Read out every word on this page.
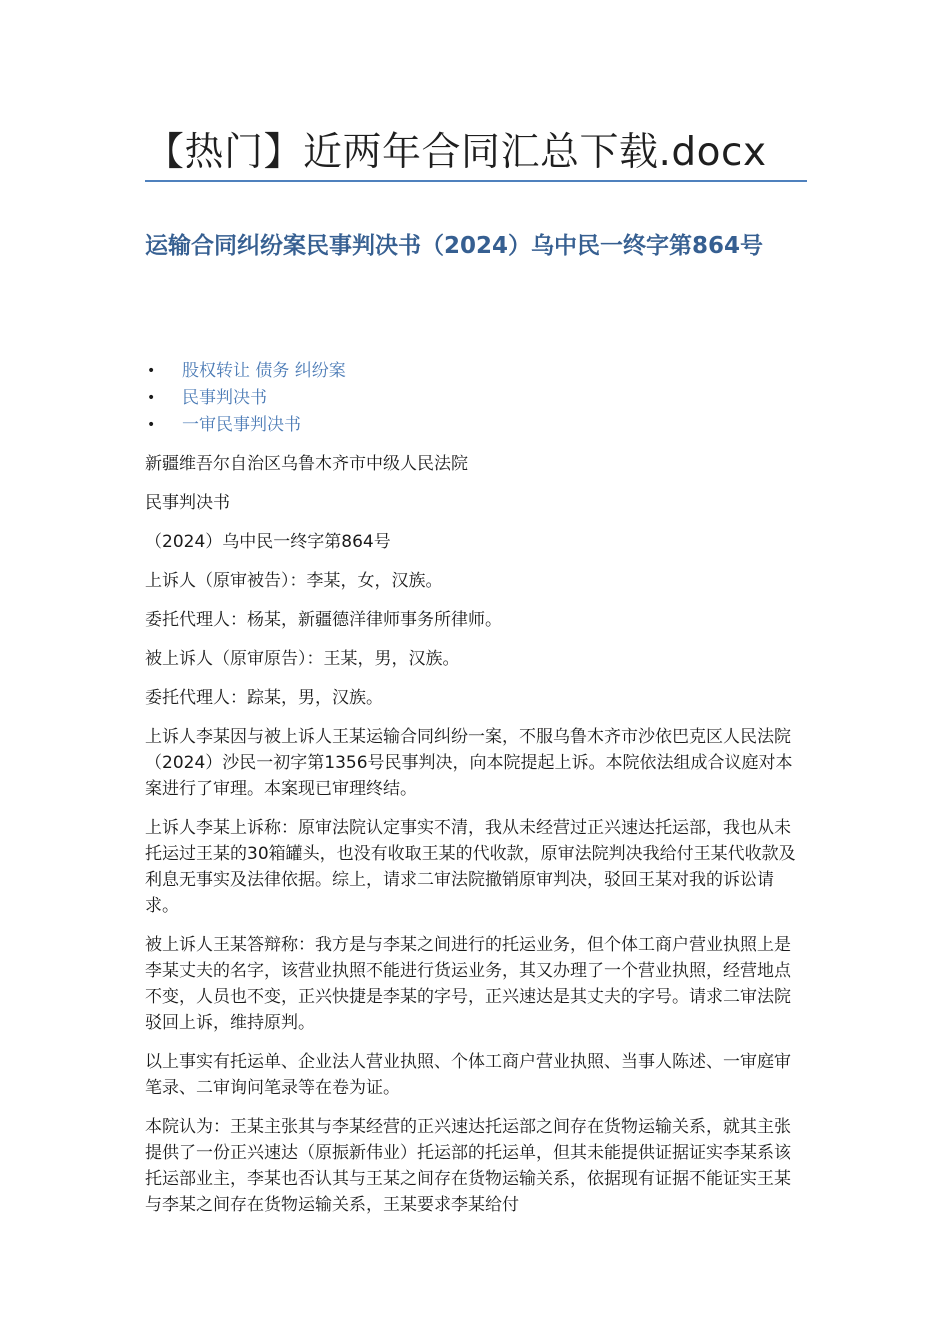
【热门】近两年合同汇总下载.docx
运输合同纠纷案民事判决书（2024）乌中民一终字第864号
• 股权转让 债务 纠纷案
• 民事判决书
• 一审民事判决书

新疆维吾尔自治区乌鲁木齐市中级人民法院

民事判决书

（2024）乌中民一终字第864号

上诉人（原审被告）：李某，女，汉族。

委托代理人：杨某，新疆德洋律师事务所律师。

被上诉人（原审原告）：王某，男，汉族。

委托代理人：踪某，男，汉族。

上诉人李某因与被上诉人王某运输合同纠纷一案，不服乌鲁木齐市沙依巴克区人民法院（2024）沙民一初字第1356号民事判决，向本院提起上诉。本院依法组成合议庭对本案进行了审理。本案现已审理终结。

上诉人李某上诉称：原审法院认定事实不清，我从未经营过正兴速达托运部，我也从未托运过王某的30箱罐头，也没有收取王某的代收款，原审法院判决我给付王某代收款及利息无事实及法律依据。综上，请求二审法院撤销原审判决，驳回王某对我的诉讼请求。

被上诉人王某答辩称：我方是与李某之间进行的托运业务，但个体工商户营业执照上是李某丈夫的名字，该营业执照不能进行货运业务，其又办理了一个营业执照，经营地点不变，人员也不变，正兴快捷是李某的字号，正兴速达是其丈夫的字号。请求二审法院驳回上诉，维持原判。

以上事实有托运单、企业法人营业执照、个体工商户营业执照、当事人陈述、一审庭审笔录、二审询问笔录等在卷为证。

本院认为：王某主张其与李某经营的正兴速达托运部之间存在货物运输关系，就其主张提供了一份正兴速达（原振新伟业）托运部的托运单，但其未能提供证据证实李某系该托运部业主，李某也否认其与王某之间存在货物运输关系，依据现有证据不能证实王某与李某之间存在货物运输关系，王某要求李某给付
